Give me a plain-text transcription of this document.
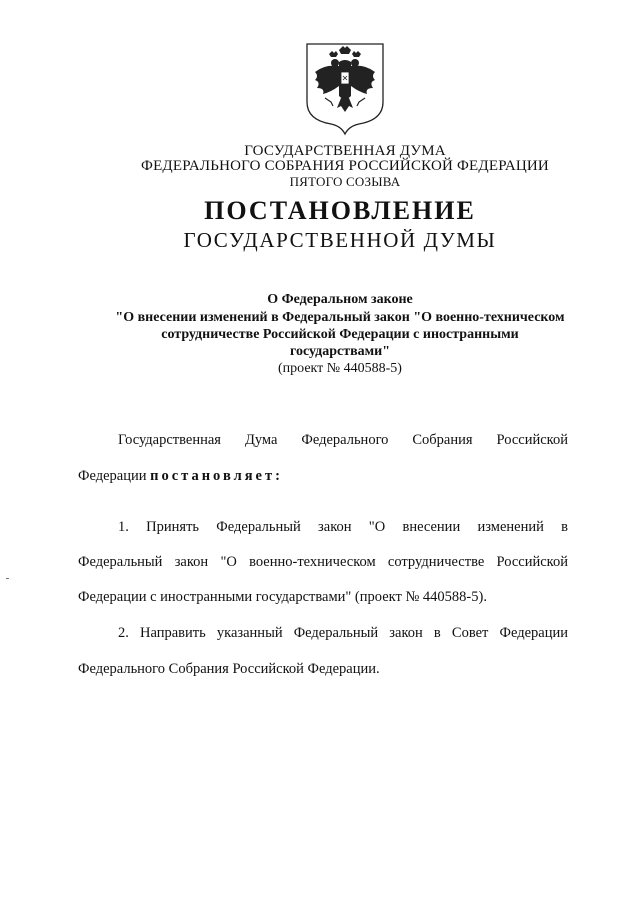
ГОСУДАРСТВЕННАЯ ДУМА
ФЕДЕРАЛЬНОГО СОБРАНИЯ РОССИЙСКОЙ ФЕДЕРАЦИИ
ПЯТОГО СОЗЫВА
ПОСТАНОВЛЕНИЕ
ГОСУДАРСТВЕННОЙ ДУМЫ
О Федеральном законе
"О внесении изменений в Федеральный закон "О военно-техническом
сотрудничестве Российской Федерации с иностранными
государствами"
(проект № 440588-5)
Государственная Дума Федерального Собрания Российской
Федерации постановляет:
1. Принять Федеральный закон "О внесении изменений в
Федеральный закон "О военно-техническом сотрудничестве Российской
Федерации с иностранными государствами" (проект № 440588-5).
2. Направить указанный Федеральный закон в Совет Федерации
Федерального Собрания Российской Федерации.
